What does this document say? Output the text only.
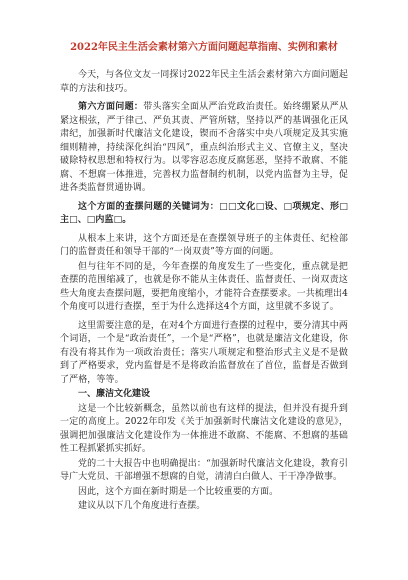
2022年民主生活会素材第六方面问题起草指南、实例和素材

今天，与各位文友一同探讨2022年民主生活会素材第六方面问题起草的方法和技巧。

第六方面问题：带头落实全面从严治党政治责任。始终绷紧从严从紧这根弦，严于律己、严负其责、严管所辖，坚持以严的基调强化正风肃纪，加强新时代廉洁文化建设，锲而不舍落实中央八项规定及其实施细则精神，持续深化纠治“四风”，重点纠治形式主义、官僚主义，坚决破除特权思想和特权行为。以零容忍态度反腐惩恶，坚持不敢腐、不能腐、不想腐一体推进，完善权力监督制约机制，以党内监督为主导，促进各类监督贯通协调。

这个方面的查摆问题的关键词为：□□文化□设、□项规定、形□主□、□内监□。

从根本上来讲，这个方面还是在查摆领导班子的主体责任、纪检部门的监督责任和领导干部的“一岗双责”等方面的问题。

但与往年不同的是，今年查摆的角度发生了一些变化，重点就是把查摆的范围缩减了，也就是你不能从主体责任、监督责任、一岗双责这些大角度去查摆问题，要把角度缩小，才能符合查摆要求。一共梳理出4个角度可以进行查摆，至于为什么选择这4个方面，这里就不多说了。

这里需要注意的是，在对4个方面进行查摆的过程中，要分清其中两个词语，一个是“政治责任”，一个是“严格”，也就是廉洁文化建设，你有没有将其作为一项政治责任；落实八项规定和整治形式主义是不是做到了严格要求，党内监督是不是将政治监督放在了首位，监督是否做到了严格，等等。

一、廉洁文化建设

这是一个比较新概念，虽然以前也有这样的提法，但并没有提升到一定的高度上。2022年印发《关于加强新时代廉洁文化建设的意见》，强调把加强廉洁文化建设作为一体推进不敢腐、不能腐、不想腐的基础性工程抓紧抓实抓好。

党的二十大报告中也明确提出：“加强新时代廉洁文化建设，教育引导广大党员、干部增强不想腐的自觉，清清白白做人、干干净净做事。

因此，这个方面在新时期是一个比较重要的方面。

建议从以下几个角度进行查摆。
